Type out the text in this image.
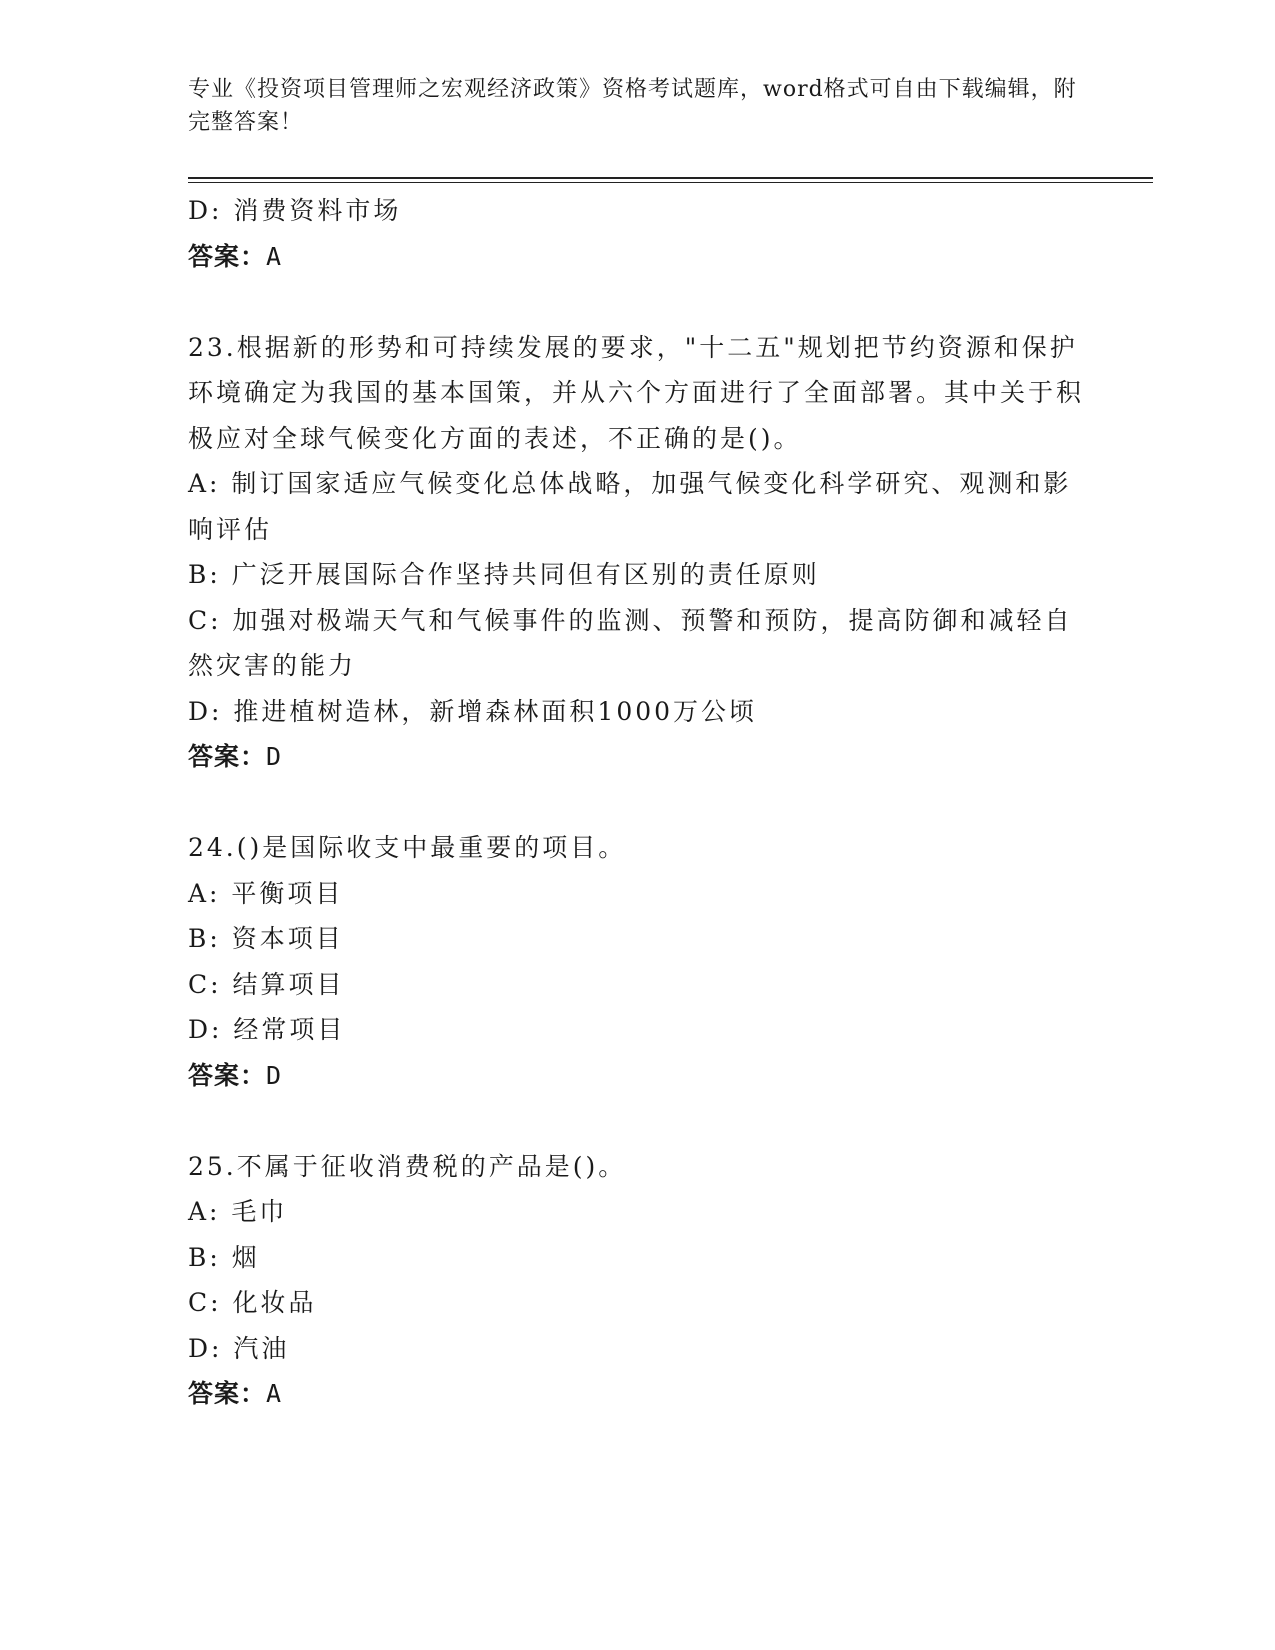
专业《投资项目管理师之宏观经济政策》资格考试题库，word格式可自由下载编辑，附完整答案！
D: 消费资料市场
答案：A
23.根据新的形势和可持续发展的要求，"十二五"规划把节约资源和保护环境确定为我国的基本国策，并从六个方面进行了全面部署。其中关于积极应对全球气候变化方面的表述，不正确的是()。
A: 制订国家适应气候变化总体战略，加强气候变化科学研究、观测和影响评估
B: 广泛开展国际合作坚持共同但有区别的责任原则
C: 加强对极端天气和气候事件的监测、预警和预防，提高防御和减轻自然灾害的能力
D: 推进植树造林，新增森林面积1000万公顷
答案：D
24.()是国际收支中最重要的项目。
A: 平衡项目
B: 资本项目
C: 结算项目
D: 经常项目
答案：D
25.不属于征收消费税的产品是()。
A: 毛巾
B: 烟
C: 化妆品
D: 汽油
答案：A
